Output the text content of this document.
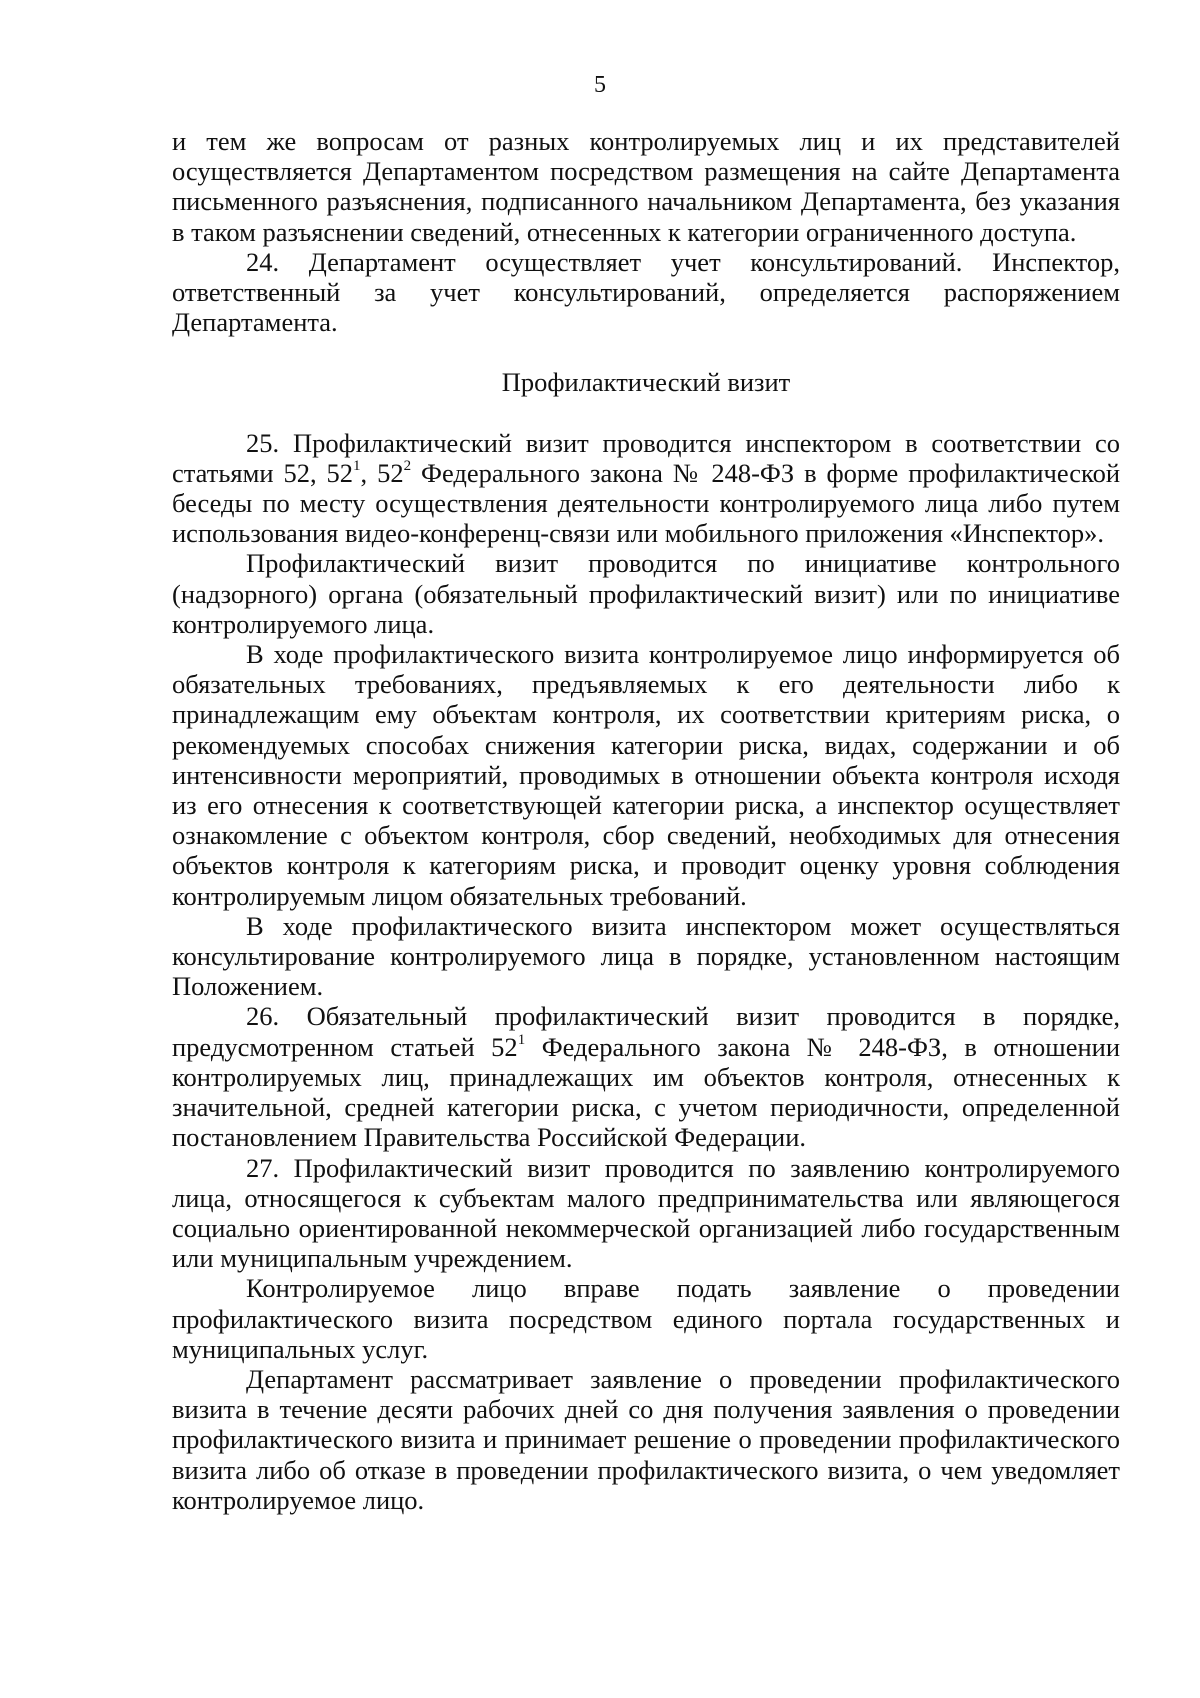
5

и тем же вопросам от разных контролируемых лиц и их представителей осуществляется Департаментом посредством размещения на сайте Департамента письменного разъяснения, подписанного начальником Департамента, без указания в таком разъяснении сведений, отнесенных к категории ограниченного доступа.

24. Департамент осуществляет учет консультирований. Инспектор, ответственный за учет консультирований, определяется распоряжением Департамента.

Профилактический визит

25. Профилактический визит проводится инспектором в соответствии со статьями 52, $52^1$, $52^2$ Федерального закона № 248-ФЗ в форме профилактической беседы по месту осуществления деятельности контролируемого лица либо путем использования видео-конференц-связи или мобильного приложения «Инспектор».

Профилактический визит проводится по инициативе контрольного (надзорного) органа (обязательный профилактический визит) или по инициативе контролируемого лица.

В ходе профилактического визита контролируемое лицо информируется об обязательных требованиях, предъявляемых к его деятельности либо к принадлежащим ему объектам контроля, их соответствии критериям риска, о рекомендуемых способах снижения категории риска, видах, содержании и об интенсивности мероприятий, проводимых в отношении объекта контроля исходя из его отнесения к соответствующей категории риска, а инспектор осуществляет ознакомление с объектом контроля, сбор сведений, необходимых для отнесения объектов контроля к категориям риска, и проводит оценку уровня соблюдения контролируемым лицом обязательных требований.

В ходе профилактического визита инспектором может осуществляться консультирование контролируемого лица в порядке, установленном настоящим Положением.

26. Обязательный профилактический визит проводится в порядке, предусмотренном статьей $52^1$ Федерального закона № 248-ФЗ, в отношении контролируемых лиц, принадлежащих им объектов контроля, отнесенных к значительной, средней категории риска, с учетом периодичности, определенной постановлением Правительства Российской Федерации.

27. Профилактический визит проводится по заявлению контролируемого лица, относящегося к субъектам малого предпринимательства или являющегося социально ориентированной некоммерческой организацией либо государственным или муниципальным учреждением.

Контролируемое лицо вправе подать заявление о проведении профилактического визита посредством единого портала государственных и муниципальных услуг.

Департамент рассматривает заявление о проведении профилактического визита в течение десяти рабочих дней со дня получения заявления о проведении профилактического визита и принимает решение о проведении профилактического визита либо об отказе в проведении профилактического визита, о чем уведомляет контролируемое лицо.
